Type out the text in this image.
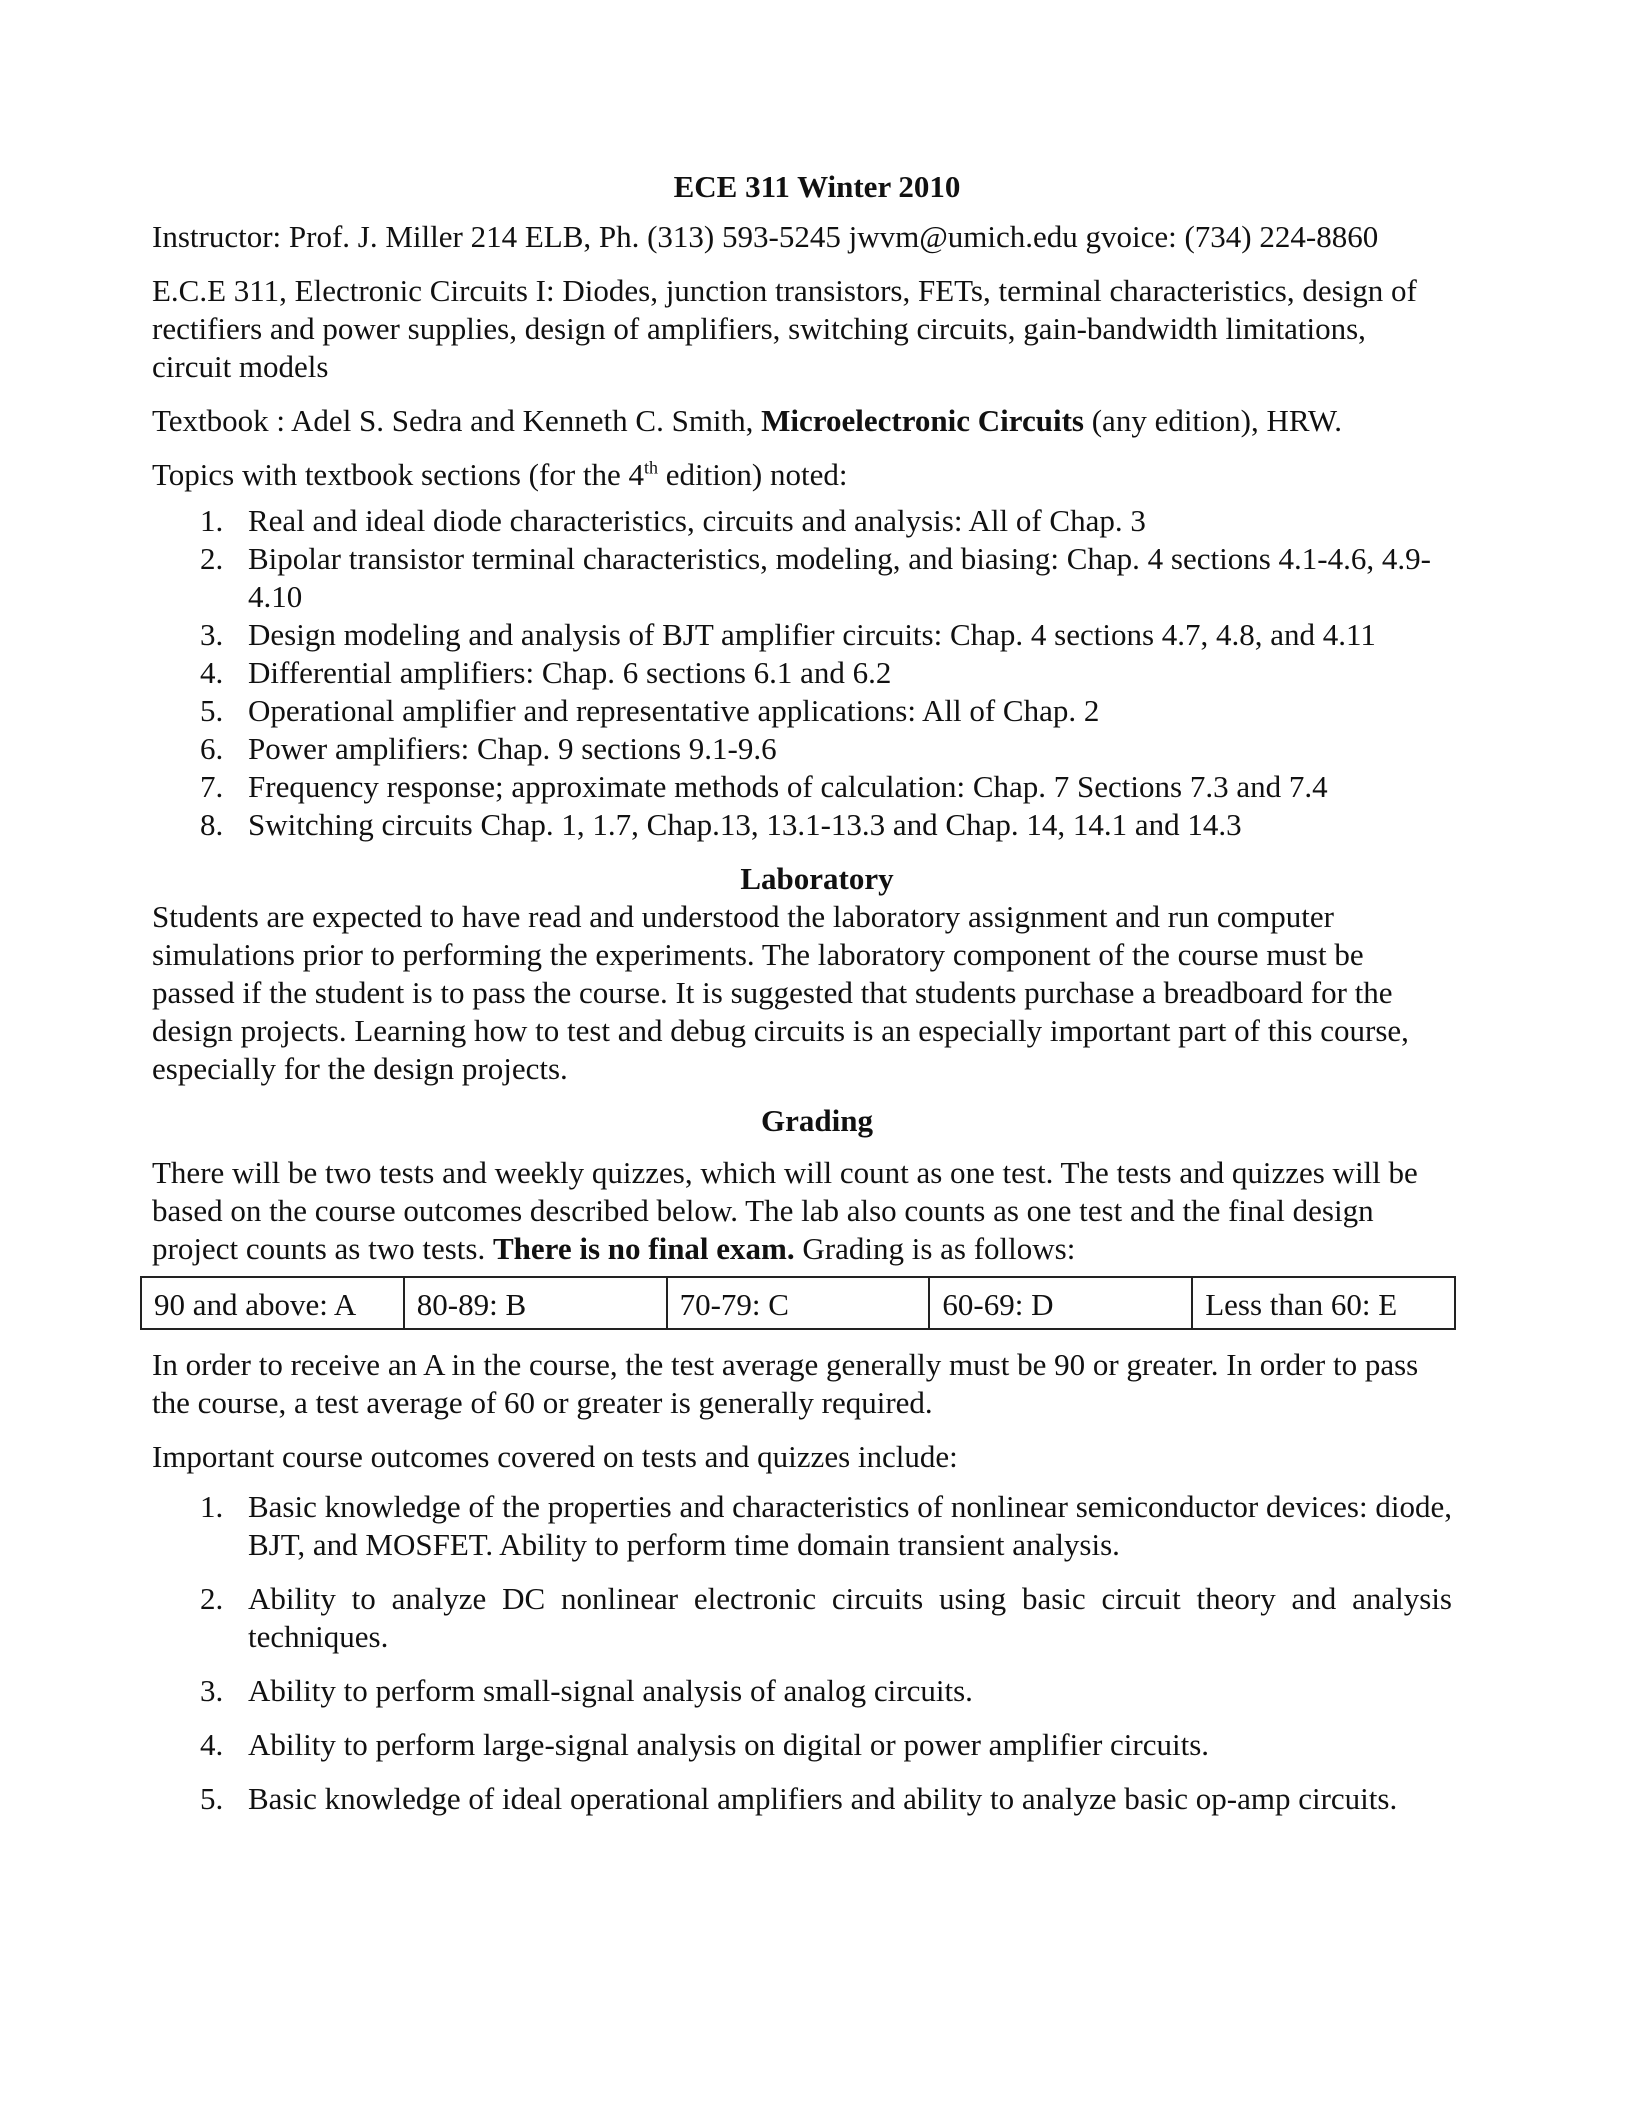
ECE 311 Winter 2010

Instructor: Prof. J. Miller 214 ELB, Ph. (313) 593-5245 jwvm@umich.edu gvoice: (734) 224-8860

E.C.E 311, Electronic Circuits I: Diodes, junction transistors, FETs, terminal characteristics, design of rectifiers and power supplies, design of amplifiers, switching circuits, gain-bandwidth limitations, circuit models

Textbook : Adel S. Sedra and Kenneth C. Smith, Microelectronic Circuits (any edition), HRW.

Topics with textbook sections (for the 4th edition) noted:

1. Real and ideal diode characteristics, circuits and analysis: All of Chap. 3
2. Bipolar transistor terminal characteristics, modeling, and biasing: Chap. 4 sections 4.1-4.6, 4.9-4.10
3. Design modeling and analysis of BJT amplifier circuits: Chap. 4 sections 4.7, 4.8, and 4.11
4. Differential amplifiers: Chap. 6 sections 6.1 and 6.2
5. Operational amplifier and representative applications: All of Chap. 2
6. Power amplifiers: Chap. 9 sections 9.1-9.6
7. Frequency response; approximate methods of calculation: Chap. 7 Sections 7.3 and 7.4
8. Switching circuits Chap. 1, 1.7, Chap.13, 13.1-13.3 and Chap. 14, 14.1 and 14.3
Laboratory

Students are expected to have read and understood the laboratory assignment and run computer simulations prior to performing the experiments. The laboratory component of the course must be passed if the student is to pass the course. It is suggested that students purchase a breadboard for the design projects. Learning how to test and debug circuits is an especially important part of this course, especially for the design projects.

Grading

There will be two tests and weekly quizzes, which will count as one test. The tests and quizzes will be based on the course outcomes described below. The lab also counts as one test and the final design project counts as two tests. There is no final exam. Grading is as follows:

90 and above: A	80-89: B	70-79: C	60-69: D	Less than 60: E

In order to receive an A in the course, the test average generally must be 90 or greater. In order to pass the course, a test average of 60 or greater is generally required.

Important course outcomes covered on tests and quizzes include:

1. Basic knowledge of the properties and characteristics of nonlinear semiconductor devices: diode, BJT, and MOSFET. Ability to perform time domain transient analysis.
2. Ability to analyze DC nonlinear electronic circuits using basic circuit theory and analysis techniques.
3. Ability to perform small-signal analysis of analog circuits.
4. Ability to perform large-signal analysis on digital or power amplifier circuits.
5. Basic knowledge of ideal operational amplifiers and ability to analyze basic op-amp circuits.
